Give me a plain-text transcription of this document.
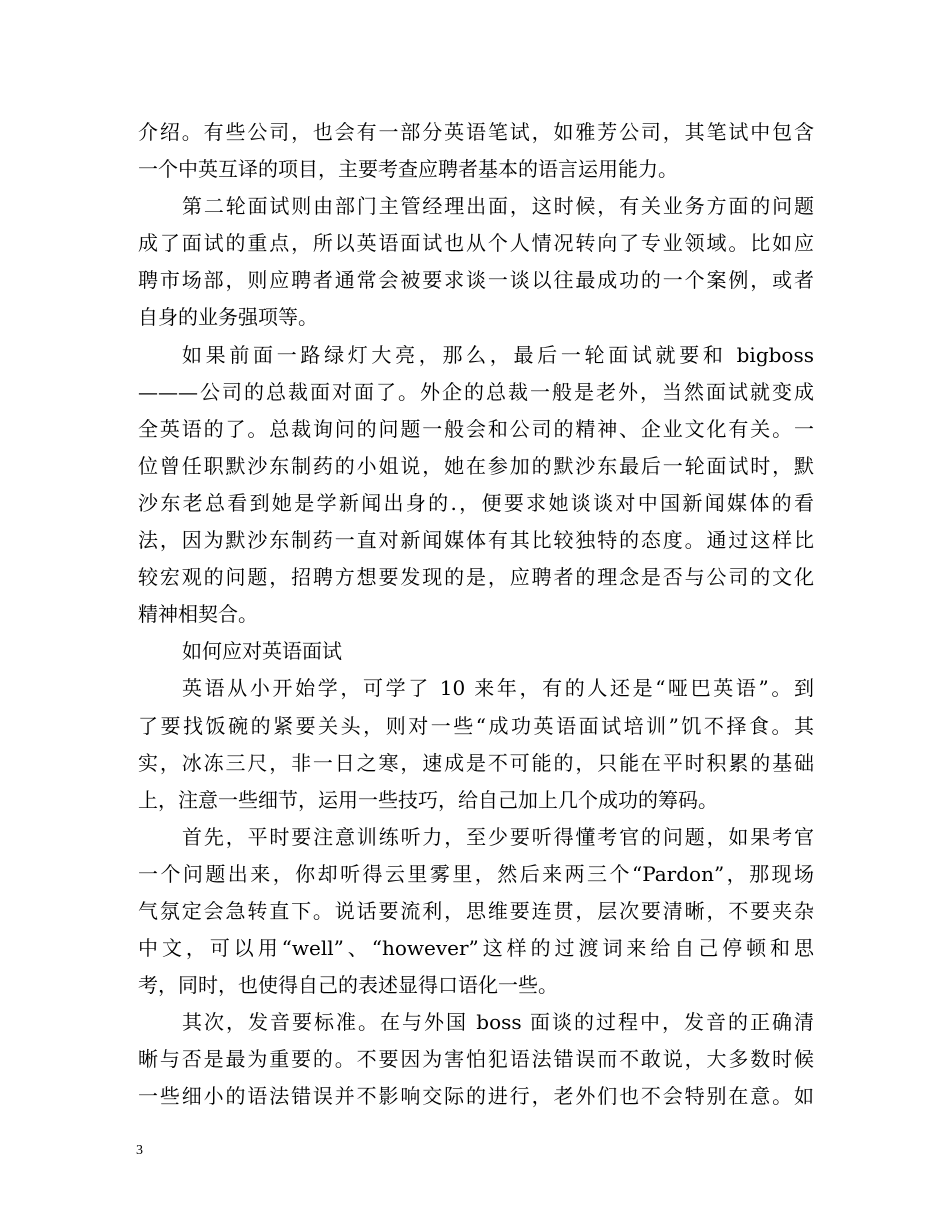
介绍。有些公司，也会有一部分英语笔试，如雅芳公司，其笔试中包含
一个中英互译的项目，主要考查应聘者基本的语言运用能力。
第二轮面试则由部门主管经理出面，这时候，有关业务方面的问题
成了面试的重点，所以英语面试也从个人情况转向了专业领域。比如应
聘市场部，则应聘者通常会被要求谈一谈以往最成功的一个案例，或者
自身的业务强项等。
如果前面一路绿灯大亮，那么，最后一轮面试就要和 bigboss
———公司的总裁面对面了。外企的总裁一般是老外，当然面试就变成
全英语的了。总裁询问的问题一般会和公司的精神、企业文化有关。一
位曾任职默沙东制药的小姐说，她在参加的默沙东最后一轮面试时，默
沙东老总看到她是学新闻出身的.，便要求她谈谈对中国新闻媒体的看
法，因为默沙东制药一直对新闻媒体有其比较独特的态度。通过这样比
较宏观的问题，招聘方想要发现的是，应聘者的理念是否与公司的文化
精神相契合。
如何应对英语面试
英语从小开始学，可学了 10 来年，有的人还是“哑巴英语”。到
了要找饭碗的紧要关头，则对一些“成功英语面试培训”饥不择食。其
实，冰冻三尺，非一日之寒，速成是不可能的，只能在平时积累的基础
上，注意一些细节，运用一些技巧，给自己加上几个成功的筹码。
首先，平时要注意训练听力，至少要听得懂考官的问题，如果考官
一个问题出来，你却听得云里雾里，然后来两三个“Pardon”，那现场
气氛定会急转直下。说话要流利，思维要连贯，层次要清晰，不要夹杂
中文，可以用“well”、“however”这样的过渡词来给自己停顿和思
考，同时，也使得自己的表述显得口语化一些。
其次，发音要标准。在与外国 boss 面谈的过程中，发音的正确清
晰与否是最为重要的。不要因为害怕犯语法错误而不敢说，大多数时候
一些细小的语法错误并不影响交际的进行，老外们也不会特别在意。如
3
